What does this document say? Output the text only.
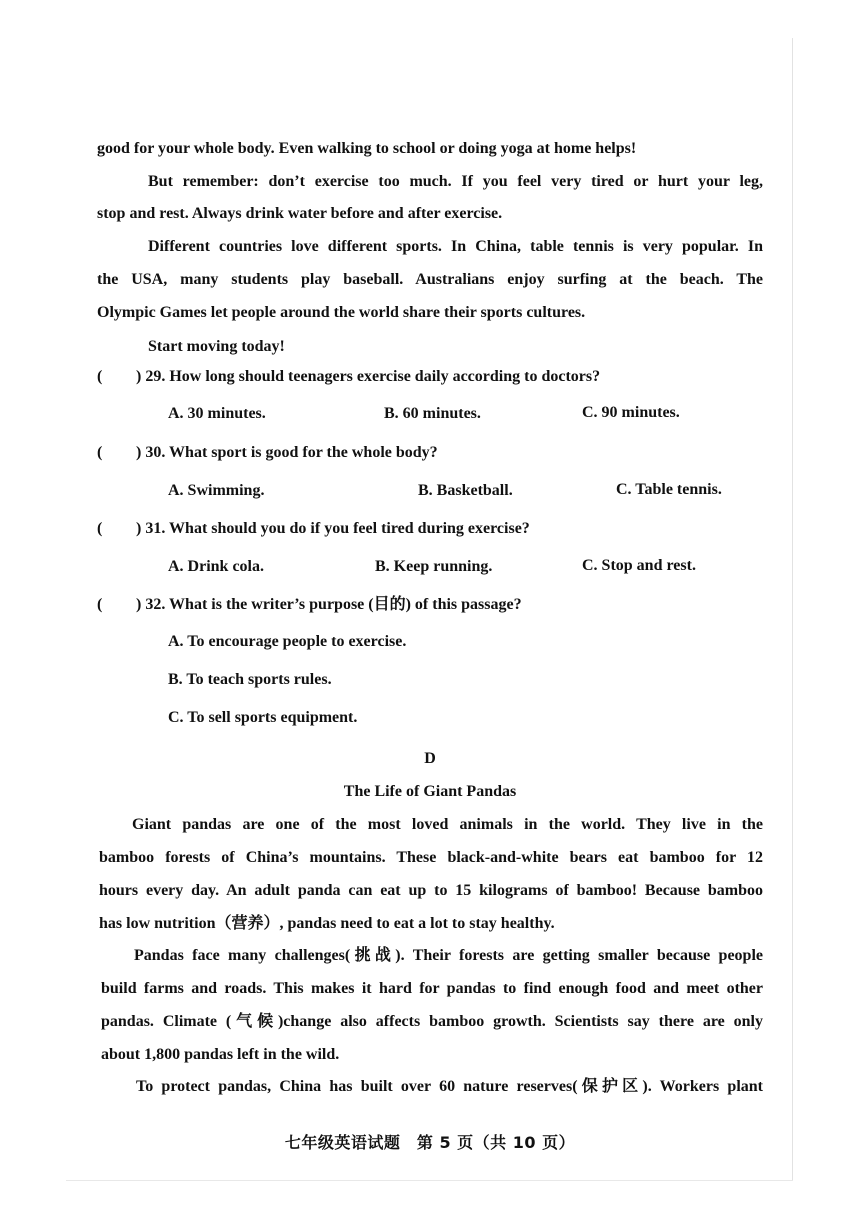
good for your whole body. Even walking to school or doing yoga at home helps!
But remember: don’t exercise too much. If you feel very tired or hurt your leg,
stop and rest. Always drink water before and after exercise.
Different countries love different sports. In China, table tennis is very popular. In
the USA, many students play baseball. Australians enjoy surfing at the beach. The
Olympic Games let people around the world share their sports cultures.
Start moving today!
( ) 29. How long should teenagers exercise daily according to doctors?
A. 30 minutes.	B. 60 minutes.	C. 90 minutes.
( ) 30. What sport is good for the whole body?
A. Swimming.	B. Basketball.	C. Table tennis.
( ) 31. What should you do if you feel tired during exercise?
A. Drink cola.	B. Keep running.	C. Stop and rest.
( ) 32. What is the writer’s purpose (目的) of this passage?
A. To encourage people to exercise.
B. To teach sports rules.
C. To sell sports equipment.
D
The Life of Giant Pandas
Giant pandas are one of the most loved animals in the world. They live in the
bamboo forests of China’s mountains. These black-and-white bears eat bamboo for 12
hours every day. An adult panda can eat up to 15 kilograms of bamboo! Because bamboo
has low nutrition（营养）, pandas need to eat a lot to stay healthy.
Pandas face many challenges(挑战). Their forests are getting smaller because people
build farms and roads. This makes it hard for pandas to find enough food and meet other
pandas. Climate (气候)change also affects bamboo growth. Scientists say there are only
about 1,800 pandas left in the wild.
To protect pandas, China has built over 60 nature reserves(保护区). Workers plant
七年级英语试题　第 5 页（共 10 页）
